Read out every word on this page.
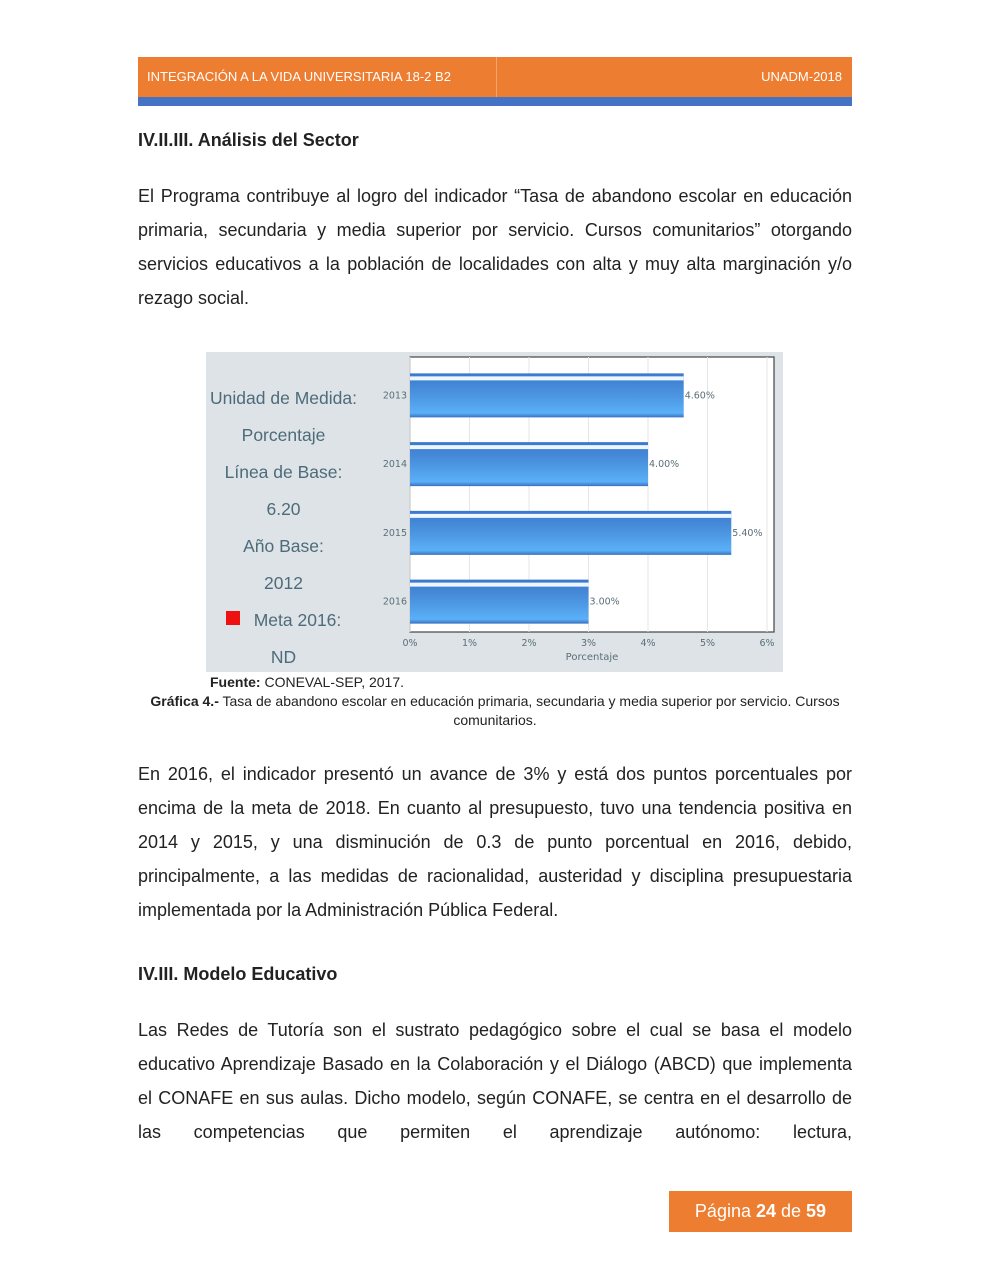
INTEGRACIÓN A LA VIDA UNIVERSITARIA 18-2 B2	UNADM-2018
IV.II.III. Análisis del Sector

El Programa contribuye al logro del indicador “Tasa de abandono escolar en educación primaria, secundaria y media superior por servicio. Cursos comunitarios” otorgando servicios educativos a la población de localidades con alta y muy alta marginación y/o rezago social.

Unidad de Medida:
Porcentaje
Línea de Base:
6.20
Año Base:
2012
Meta 2016:
ND
0%	1%	2%	3%	4%	5%	6%
Porcentaje
2013	4.60%
2014	4.00%
2015	5.40%
2016	3.00%
Fuente: CONEVAL-SEP, 2017.
Gráfica 4.- Tasa de abandono escolar en educación primaria, secundaria y media superior por servicio. Cursos comunitarios.

En 2016, el indicador presentó un avance de 3% y está dos puntos porcentuales por encima de la meta de 2018. En cuanto al presupuesto, tuvo una tendencia positiva en 2014 y 2015, y una disminución de 0.3 de punto porcentual en 2016, debido, principalmente, a las medidas de racionalidad, austeridad y disciplina presupuestaria implementada por la Administración Pública Federal.

IV.III. Modelo Educativo

Las Redes de Tutoría son el sustrato pedagógico sobre el cual se basa el modelo educativo Aprendizaje Basado en la Colaboración y el Diálogo (ABCD) que implementa el CONAFE en sus aulas. Dicho modelo, según CONAFE, se centra en el desarrollo de las competencias que permiten el aprendizaje autónomo: lectura,

Página 24 de 59
